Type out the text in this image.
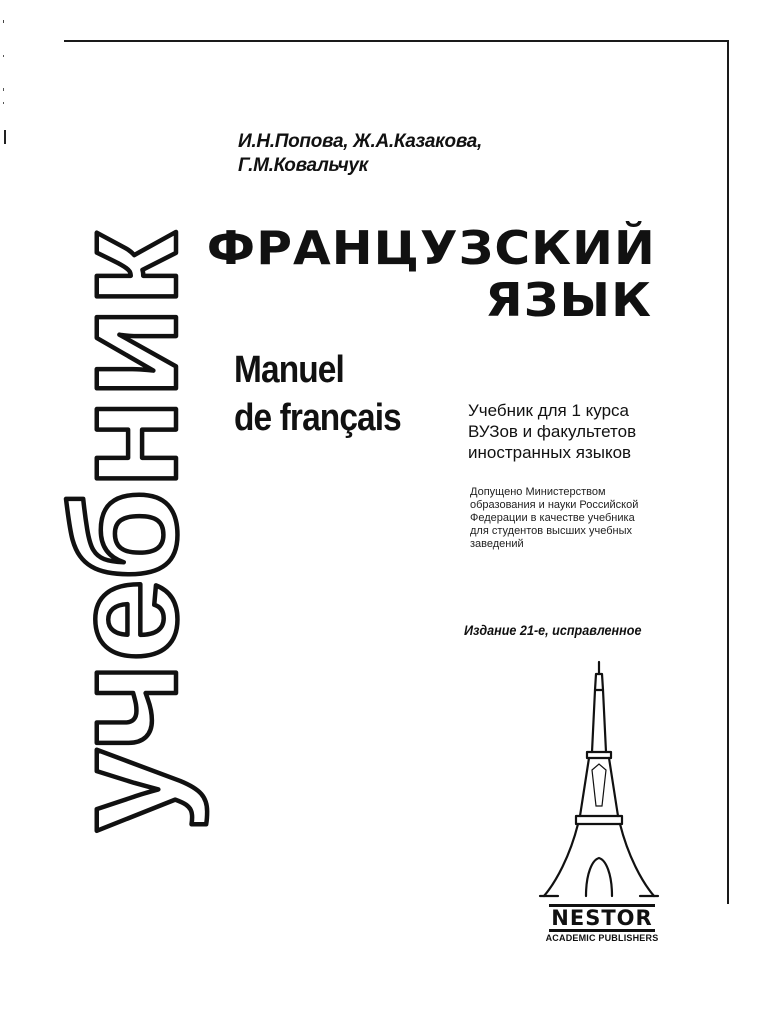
учебник
И.Н.Попова, Ж.А.Казакова,
Г.М.Ковальчук
ФРАНЦУЗСКИЙ
ЯЗЫК
Manuel
de français	Учебник для 1 курса
ВУЗов и факультетов
иностранных языков
Допущено Министерством
образования и науки Российской
Федерации в качестве учебника
для студентов высших учебных
заведений
Издание 21-е, исправленное
NESTOR
ACADEMIC PUBLISHERS
